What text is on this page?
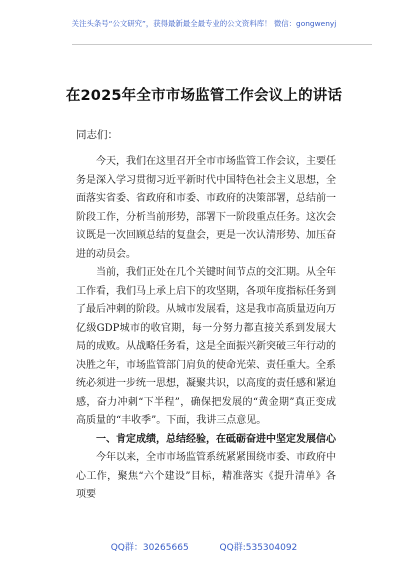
关注头条号“公文研究”，获得最新最全最专业的公文资料库！ 微信：gongwenyj
在2025年全市市场监管工作会议上的讲话
同志们：

今天，我们在这里召开全市市场监管工作会议，主要任务是深入学习贯彻习近平新时代中国特色社会主义思想，全面落实省委、省政府和市委、市政府的决策部署，总结前一阶段工作，分析当前形势，部署下一阶段重点任务。这次会议既是一次回顾总结的复盘会，更是一次认清形势、加压奋进的动员会。

当前，我们正处在几个关键时间节点的交汇期。从全年工作看，我们马上承上启下的攻坚期，各项年度指标任务到了最后冲刺的阶段。从城市发展看，这是我市高质量迈向万亿级GDP城市的收官期，每一分努力都直接关系到发展大局的成败。从战略任务看，这是全面振兴新突破三年行动的决胜之年，市场监管部门肩负的使命光荣、责任重大。全系统必须进一步统一思想，凝聚共识，以高度的责任感和紧迫感，奋力冲刺“下半程”，确保把发展的“黄金期”真正变成高质量的“丰收季”。下面，我讲三点意见。

一、肯定成绩，总结经验，在砥砺奋进中坚定发展信心

今年以来，全市市场监管系统紧紧围绕市委、市政府中心工作，聚焦“六个建设”目标，精准落实《提升清单》各项要

QQ群：30265665	QQ群:535304092
